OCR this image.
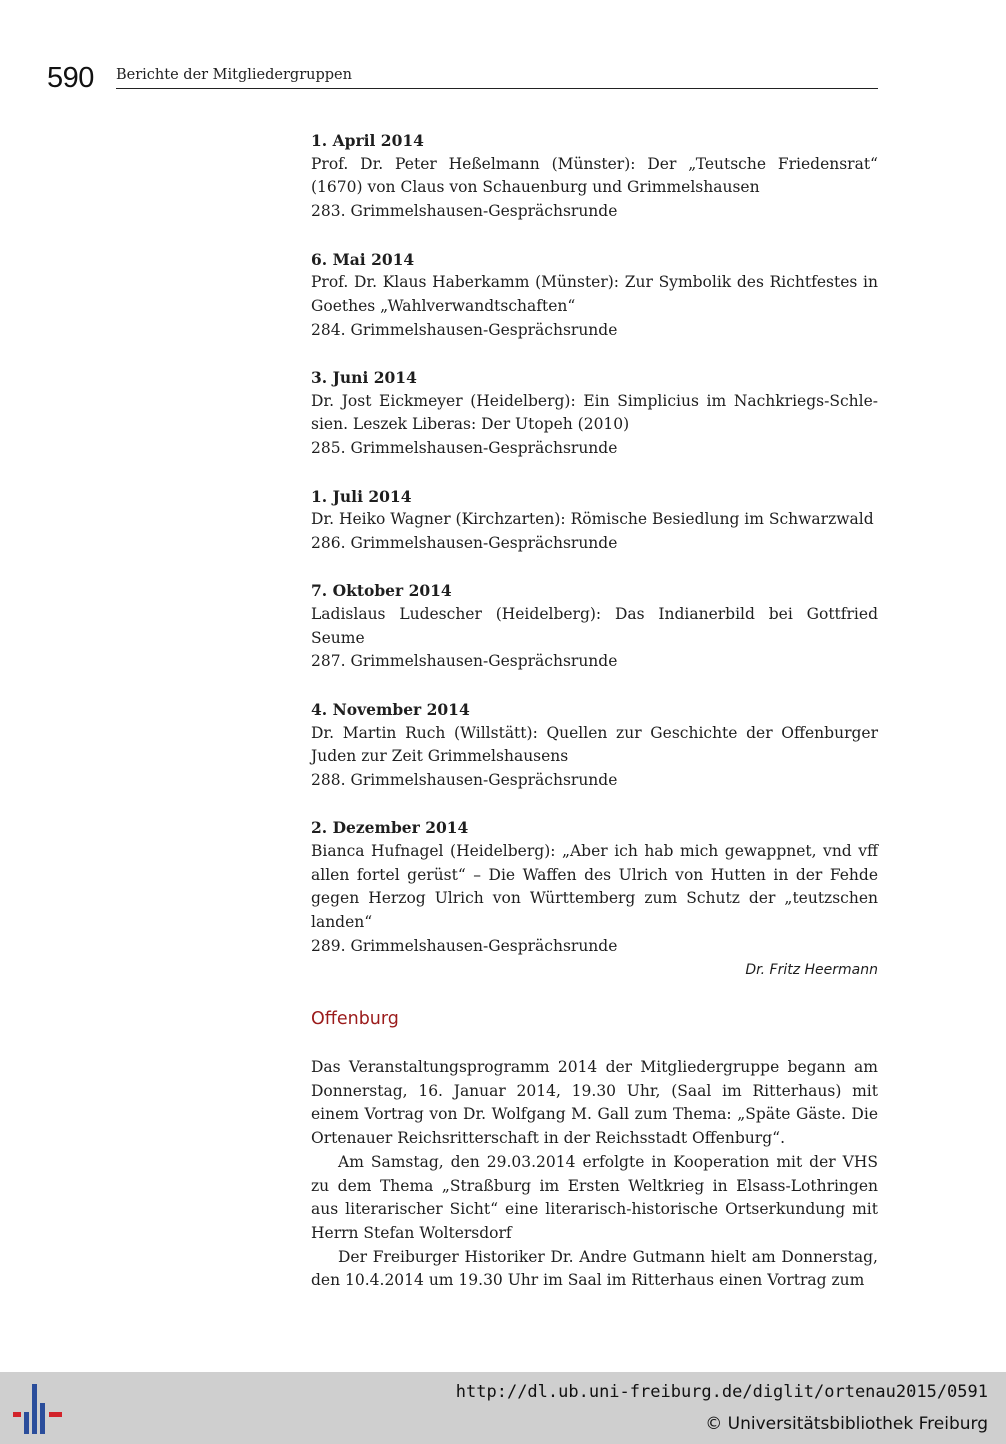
590 Berichte der Mitgliedergruppen
1. April 2014
Prof. Dr. Peter Heßelmann (Münster): Der „Teutsche Friedensrat“ (1670) von Claus von Schauenburg und Grimmelshausen
283. Grimmelshausen-Gesprächsrunde
6. Mai 2014
Prof. Dr. Klaus Haberkamm (Münster): Zur Symbolik des Richtfestes in Goethes „Wahlverwandtschaften“
284. Grimmelshausen-Gesprächsrunde
3. Juni 2014
Dr. Jost Eickmeyer (Heidelberg): Ein Simplicius im Nachkriegs-Schlesien. Leszek Liberas: Der Utopeh (2010)
285. Grimmelshausen-Gesprächsrunde
1. Juli 2014
Dr. Heiko Wagner (Kirchzarten): Römische Besiedlung im Schwarzwald
286. Grimmelshausen-Gesprächsrunde
7. Oktober 2014
Ladislaus Ludescher (Heidelberg): Das Indianerbild bei Gottfried Seume
287. Grimmelshausen-Gesprächsrunde
4. November 2014
Dr. Martin Ruch (Willstätt): Quellen zur Geschichte der Offenburger Juden zur Zeit Grimmelshausens
288. Grimmelshausen-Gesprächsrunde
2. Dezember 2014
Bianca Hufnagel (Heidelberg): „Aber ich hab mich gewappnet, vnd vff allen fortel gerüst“ – Die Waffen des Ulrich von Hutten in der Fehde gegen Herzog Ulrich von Württemberg zum Schutz der „teutzschen landen“
289. Grimmelshausen-Gesprächsrunde
Dr. Fritz Heermann
Offenburg

Das Veranstaltungsprogramm 2014 der Mitgliedergruppe begann am Donnerstag, 16. Januar 2014, 19.30 Uhr, (Saal im Ritterhaus) mit einem Vortrag von Dr. Wolfgang M. Gall zum Thema: „Späte Gäste. Die Ortenauer Reichsritterschaft in der Reichsstadt Offenburg“.

Am Samstag, den 29.03.2014 erfolgte in Kooperation mit der VHS zu dem Thema „Straßburg im Ersten Weltkrieg in Elsass-Lothringen aus literarischer Sicht“ eine literarisch-historische Ortserkundung mit Herrn Stefan Woltersdorf

Der Freiburger Historiker Dr. Andre Gutmann hielt am Donnerstag, den 10.4.2014 um 19.30 Uhr im Saal im Ritterhaus einen Vortrag zum

http://dl.ub.uni-freiburg.de/diglit/ortenau2015/0591
© Universitätsbibliothek Freiburg
